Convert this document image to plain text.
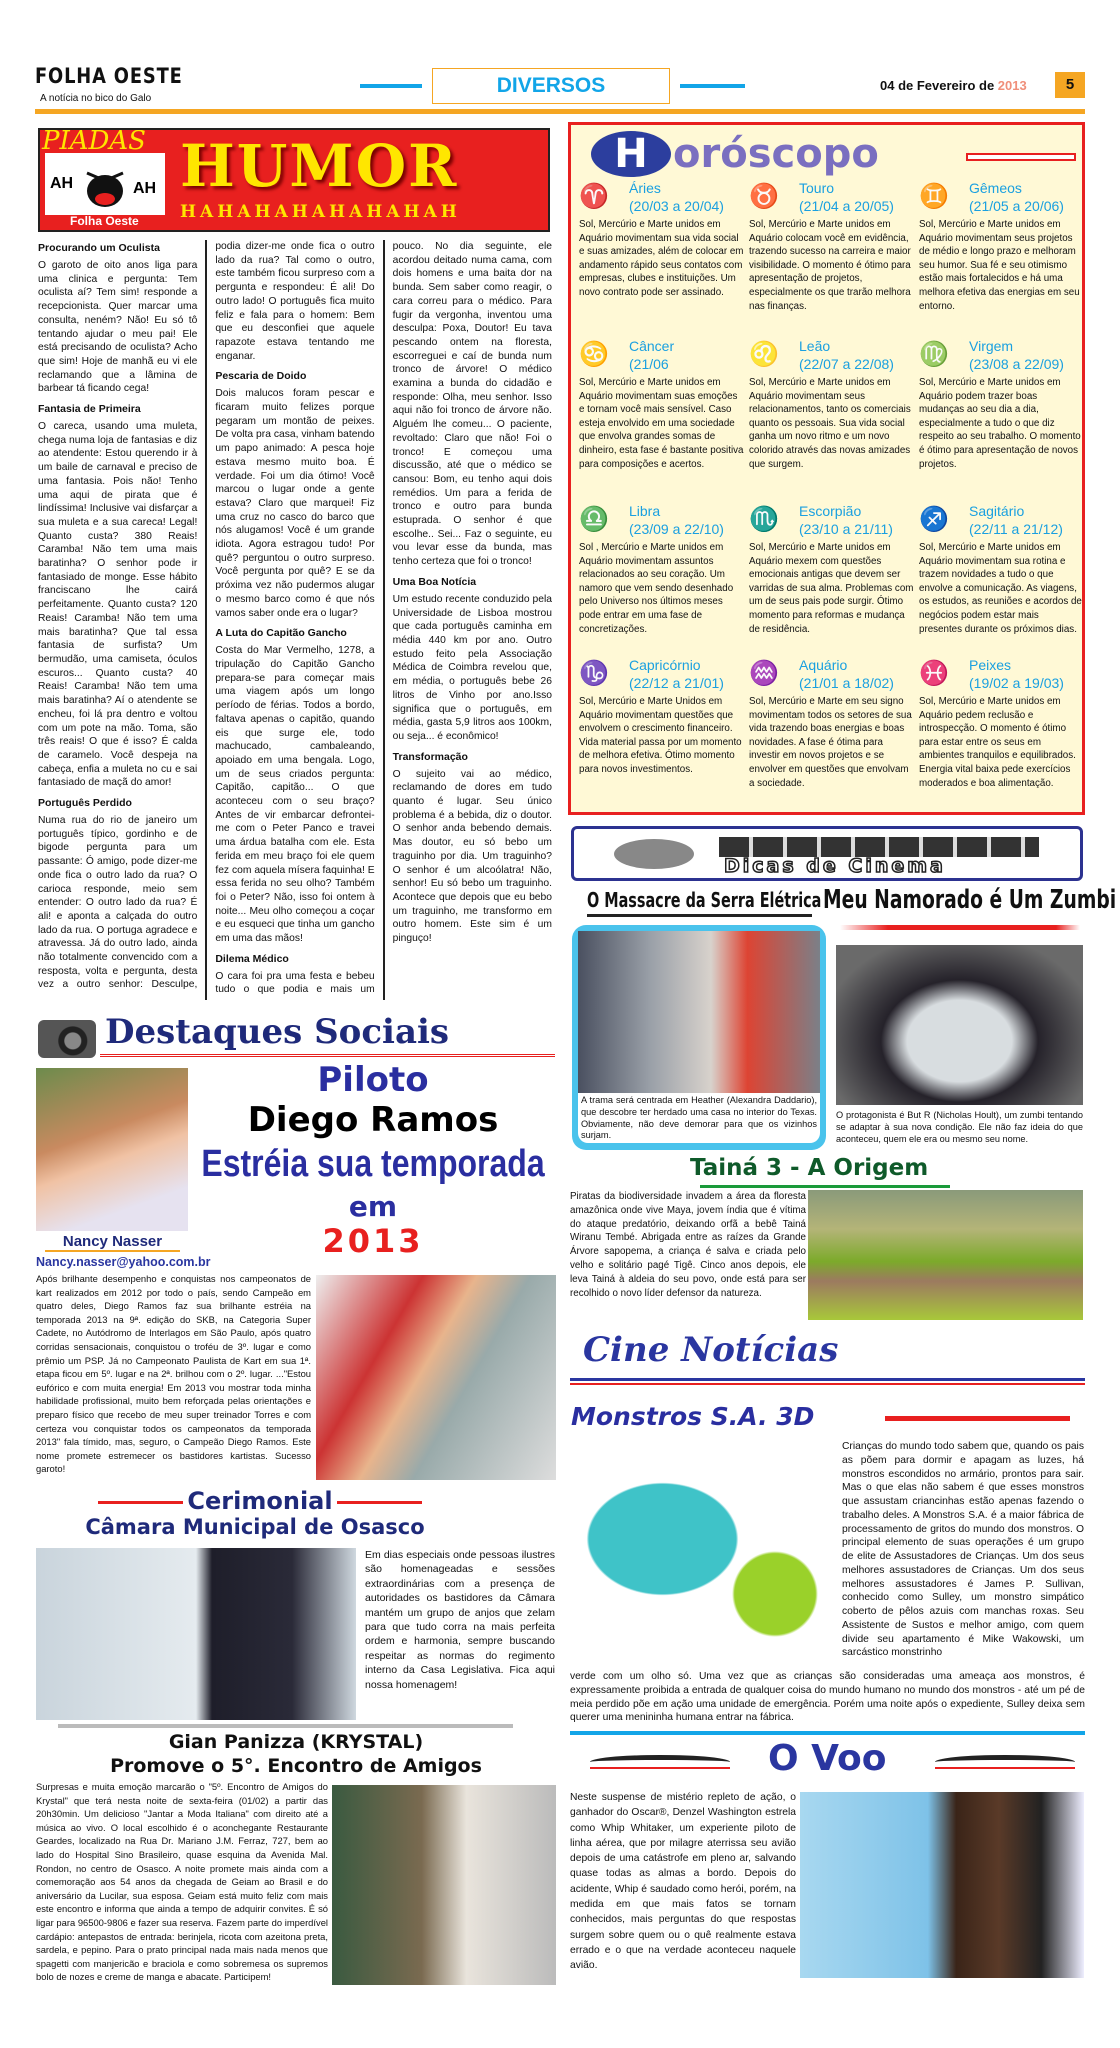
FOLHA OESTE
A notícia no bico do Galo
DIVERSOS	04 de Fevereiro de 2013	5
AH	AH
PIADAS HUMOR
HAHAHAHAHAHAHAH
Folha Oeste
Procurando um Oculista
O garoto de oito anos liga para uma clinica e pergunta: Tem oculista aí? Tem sim! responde a recepcionista. Quer marcar uma consulta, neném? Não! Eu só tô tentando ajudar o meu pai! Ele está precisando de oculista? Acho que sim! Hoje de manhã eu vi ele reclamando que a lâmina de barbear tá ficando cega!
Fantasia de Primeira
O careca, usando uma muleta, chega numa loja de fantasias e diz ao atendente: Estou querendo ir à um baile de carnaval e preciso de uma fantasia. Pois não! Tenho uma aqui de pirata que é lindíssima! Inclusive vai disfarçar a sua muleta e a sua careca! Legal! Quanto custa? 380 Reais! Caramba! Não tem uma mais baratinha? O senhor pode ir fantasiado de monge. Esse hábito franciscano lhe cairá perfeitamente. Quanto custa? 120 Reais! Caramba! Não tem uma mais baratinha? Que tal essa fantasia de surfista? Um bermudão, uma camiseta, óculos escuros... Quanto custa? 40 Reais! Caramba! Não tem uma mais baratinha? Aí o atendente se encheu, foi lá pra dentro e voltou com um pote na mão. Toma, são três reais! O que é isso? É calda de caramelo. Você despeja na cabeça, enfia a muleta no cu e sai fantasiado de maçã do amor!
Português Perdido
Numa rua do rio de janeiro um português típico, gordinho e de bigode pergunta para um passante: Ó amigo, pode dizer-me onde fica o outro lado da rua? O carioca responde, meio sem entender: O outro lado da rua? É ali! e aponta a calçada do outro lado da rua. O portuga agradece e atravessa. Já do outro lado, ainda não totalmente convencido com a resposta, volta e pergunta, desta vez a outro senhor: Desculpe, podia dizer-me onde fica o outro lado da rua? Tal como o outro, este também ficou surpreso com a pergunta e respondeu: É ali! Do outro lado! O português fica muito feliz e fala para o homem: Bem que eu desconfiei que aquele rapazote estava tentando me enganar.
Pescaria de Doido
Dois malucos foram pescar e ficaram muito felizes porque pegaram um montão de peixes. De volta pra casa, vinham batendo um papo animado: A pesca hoje estava mesmo muito boa. É verdade. Foi um dia ótimo! Você marcou o lugar onde a gente estava? Claro que marquei! Fiz uma cruz no casco do barco que nós alugamos! Você é um grande idiota. Agora estragou tudo! Por quê? perguntou o outro surpreso. Você pergunta por quê? E se da próxima vez não pudermos alugar o mesmo barco como é que nós vamos saber onde era o lugar?
A Luta do Capitão Gancho
Costa do Mar Vermelho, 1278, a tripulação do Capitão Gancho prepara-se para começar mais uma viagem após um longo período de férias. Todos a bordo, faltava apenas o capitão, quando eis que surge ele, todo machucado, cambaleando, apoiado em uma bengala. Logo, um de seus criados pergunta: Capitão, capitão... O que aconteceu com o seu braço? Antes de vir embarcar defrontei-me com o Peter Panco e travei uma árdua batalha com ele. Esta ferida em meu braço foi ele quem fez com aquela mísera faquinha! E essa ferida no seu olho? Também foi o Peter? Não, isso foi ontem à noite... Meu olho começou a coçar e eu esqueci que tinha um gancho em uma das mãos!
Dilema Médico
O cara foi pra uma festa e bebeu tudo o que podia e mais um pouco. No dia seguinte, ele acordou deitado numa cama, com dois homens e uma baita dor na bunda. Sem saber como reagir, o cara correu para o médico. Para fugir da vergonha, inventou uma desculpa: Poxa, Doutor! Eu tava pescando ontem na floresta, escorreguei e caí de bunda num tronco de árvore! O médico examina a bunda do cidadão e responde: Olha, meu senhor. Isso aqui não foi tronco de árvore não. Alguém lhe comeu... O paciente, revoltado: Claro que não! Foi o tronco! E começou uma discussão, até que o médico se cansou: Bom, eu tenho aqui dois remédios. Um para a ferida de tronco e outro para bunda estuprada. O senhor é que escolhe.. Sei... Faz o seguinte, eu vou levar esse da bunda, mas tenho certeza que foi o tronco!
Uma Boa Notícia
Um estudo recente conduzido pela Universidade de Lisboa mostrou que cada português caminha em média 440 km por ano. Outro estudo feito pela Associação Médica de Coimbra revelou que, em média, o português bebe 26 litros de Vinho por ano.Isso significa que o português, em média, gasta 5,9 litros aos 100km, ou seja... é econômico!
Transformação
O sujeito vai ao médico, reclamando de dores em tudo quanto é lugar. Seu único problema é a bebida, diz o doutor. O senhor anda bebendo demais. Mas doutor, eu só bebo um traguinho por dia. Um traguinho? O senhor é um alcoólatra! Não, senhor! Eu só bebo um traguinho. Acontece que depois que eu bebo um traguinho, me transformo em outro homem. Este sim é um pinguço!
Destaques Sociais
Nancy Nasser
Nancy.nasser@yahoo.com.br
Piloto
Diego Ramos
Estréia sua temporada
em
2013

Após brilhante desempenho e conquistas nos campeonatos de kart realizados em 2012 por todo o país, sendo Campeão em quatro deles, Diego Ramos faz sua brilhante estréia na temporada 2013 na 9ª. edição do SKB, na Categoria Super Cadete, no Autódromo de Interlagos em São Paulo, após quatro corridas sensacionais, conquistou o troféu de 3º. lugar e como prêmio um PSP. Já no Campeonato Paulista de Kart em sua 1ª. etapa ficou em 5º. lugar e na 2ª. brilhou com o 2º. lugar. ..."Estou eufórico e com muita energia! Em 2013 vou mostrar toda minha habilidade profissional, muito bem reforçada pelas orientações e preparo físico que recebo de meu super treinador Torres e com certeza vou conquistar todos os campeonatos da temporada 2013" fala tímido, mas, seguro, o Campeão Diego Ramos. Este nome promete estremecer os bastidores kartistas. Sucesso garoto!

Cerimonial
Câmara Municipal de Osasco

Em dias especiais onde pessoas ilustres são homenageadas e sessões extraordinárias com a presença de autoridades os bastidores da Câmara mantém um grupo de anjos que zelam para que tudo corra na mais perfeita ordem e harmonia, sempre buscando respeitar as normas do regimento interno da Casa Legislativa. Fica aqui nossa homenagem!

Gian Panizza (KRYSTAL)
Promove o 5°. Encontro de Amigos

Surpresas e muita emoção marcarão o "5º. Encontro de Amigos do Krystal" que terá nesta noite de sexta-feira (01/02) a partir das 20h30min. Um delicioso "Jantar a Moda Italiana" com direito até a música ao vivo. O local escolhido é o aconchegante Restaurante Geardes, localizado na Rua Dr. Mariano J.M. Ferraz, 727, bem ao lado do Hospital Sino Brasileiro, quase esquina da Avenida Mal. Rondon, no centro de Osasco. A noite promete mais ainda com a comemoração aos 54 anos da chegada de Geiam ao Brasil e do aniversário da Lucilar, sua esposa. Geiam está muito feliz com mais este encontro e informa que ainda a tempo de adquirir convites. É só ligar para 96500-9806 e fazer sua reserva. Fazem parte do imperdível cardápio: antepastos de entrada: berinjela, ricota com azeitona preta, sardela, e pepino. Para o prato principal nada mais nada menos que spagetti com manjericão e braciola e como sobremesa os supremos bolo de nozes e creme de manga e abacate. Participem!

H oróscopo
♈ Áries
(20/03 a 20/04)

Sol, Mercúrio e Marte unidos em Aquário movimentam sua vida social e suas amizades, além de colocar em andamento rápido seus contatos com empresas, clubes e instituições. Um novo contrato pode ser assinado.

♉ Touro
(21/04 a 20/05)

Sol, Mercúrio e Marte unidos em Aquário colocam você em evidência, trazendo sucesso na carreira e maior visibilidade. O momento é ótimo para apresentação de projetos, especialmente os que trarão melhora nas finanças.

♊ Gêmeos
(21/05 a 20/06)

Sol, Mercúrio e Marte unidos em Aquário movimentam seus projetos de médio e longo prazo e melhoram seu humor. Sua fé e seu otimismo estão mais fortalecidos e há uma melhora efetiva das energias em seu entorno.

♋ Câncer
(21/06

Sol, Mercúrio e Marte unidos em Aquário movimentam suas emoções e tornam você mais sensível. Caso esteja envolvido em uma sociedade que envolva grandes somas de dinheiro, esta fase é bastante positiva para composições e acertos.

♌ Leão
(22/07 a 22/08)

Sol, Mercúrio e Marte unidos em Aquário movimentam seus relacionamentos, tanto os comerciais quanto os pessoais. Sua vida social ganha um novo ritmo e um novo colorido através das novas amizades que surgem.

♍ Virgem
(23/08 a 22/09)

Sol, Mercúrio e Marte unidos em Aquário podem trazer boas mudanças ao seu dia a dia, especialmente a tudo o que diz respeito ao seu trabalho. O momento é ótimo para apresentação de novos projetos.

♎ Libra
(23/09 a 22/10)

Sol , Mercúrio e Marte unidos em Aquário movimentam assuntos relacionados ao seu coração. Um namoro que vem sendo desenhado pelo Universo nos últimos meses pode entrar em uma fase de concretizações.

♏ Escorpião
(23/10 a 21/11)

Sol, Mercúrio e Marte unidos em Aquário mexem com questões emocionais antigas que devem ser varridas de sua alma. Problemas com um de seus pais pode surgir. Ótimo momento para reformas e mudança de residência.

♐ Sagitário
(22/11 a 21/12)

Sol, Mercúrio e Marte unidos em Aquário movimentam sua rotina e trazem novidades a tudo o que envolve a comunicação. As viagens, os estudos, as reuniões e acordos de negócios podem estar mais presentes durante os próximos dias.

♑ Capricórnio
(22/12 a 21/01)

Sol, Mercúrio e Marte Unidos em Aquário movimentam questões que envolvem o crescimento financeiro. Vida material passa por um momento de melhora efetiva. Ótimo momento para novos investimentos.

♒ Aquário
(21/01 a 18/02)

Sol, Mercúrio e Marte em seu signo movimentam todos os setores de sua vida trazendo boas energias e boas novidades. A fase é ótima para investir em novos projetos e se envolver em questões que envolvam a sociedade.

♓ Peixes
(19/02 a 19/03)

Sol, Mercúrio e Marte unidos em Aquário pedem reclusão e introspecção. O momento é ótimo para estar entre os seus em ambientes tranquilos e equilibrados. Energia vital baixa pede exercícios moderados e boa alimentação.

Dicas de Cinema
O Massacre da Serra Elétrica Meu Namorado é Um Zumbi

A trama será centrada em Heather (Alexandra Daddario), que descobre ter herdado uma casa no interior do Texas. Obviamente, não deve demorar para que os vizinhos surjam.

O protagonista é But R (Nicholas Hoult), um zumbi tentando se adaptar à sua nova condição. Ele não faz ideia do que aconteceu, quem ele era ou mesmo seu nome.

Tainá 3 - A Origem

Piratas da biodiversidade invadem a área da floresta amazônica onde vive Maya, jovem índia que é vítima do ataque predatório, deixando orfã a bebê Tainá Wiranu Tembé. Abrigada entre as raízes da Grande Árvore sapopema, a criança é salva e criada pelo velho e solitário pagé Tigê. Cinco anos depois, ele leva Tainá à aldeia do seu povo, onde está para ser recolhido o novo líder defensor da natureza.

Cine Notícias
Monstros S.A. 3D

Crianças do mundo todo sabem que, quando os pais as põem para dormir e apagam as luzes, há monstros escondidos no armário, prontos para sair. Mas o que elas não sabem é que esses monstros que assustam criancinhas estão apenas fazendo o trabalho deles. A Monstros S.A. é a maior fábrica de processamento de gritos do mundo dos monstros. O principal elemento de suas operações é um grupo de elite de Assustadores de Crianças. Um dos seus melhores assustadores de Crianças. Um dos seus melhores assustadores é James P. Sullivan, conhecido como Sulley, um monstro simpático coberto de pêlos azuis com manchas roxas. Seu Assistente de Sustos e melhor amigo, com quem divide seu apartamento é Mike Wakowski, um sarcástico monstrinho

verde com um olho só. Uma vez que as crianças são consideradas uma ameaça aos monstros, é expressamente proibida a entrada de qualquer coisa do mundo humano no mundo dos monstros - até um pé de meia perdido põe em ação uma unidade de emergência. Porém uma noite após o expediente, Sulley deixa sem querer uma menininha humana entrar na fábrica.

O Voo

Neste suspense de mistério repleto de ação, o ganhador do Oscar®, Denzel Washington estrela como Whip Whitaker, um experiente piloto de linha aérea, que por milagre aterrissa seu avião depois de uma catástrofe em pleno ar, salvando quase todas as almas a bordo. Depois do acidente, Whip é saudado como herói, porém, na medida em que mais fatos se tornam conhecidos, mais perguntas do que respostas surgem sobre quem ou o quê realmente estava errado e o que na verdade aconteceu naquele avião.
